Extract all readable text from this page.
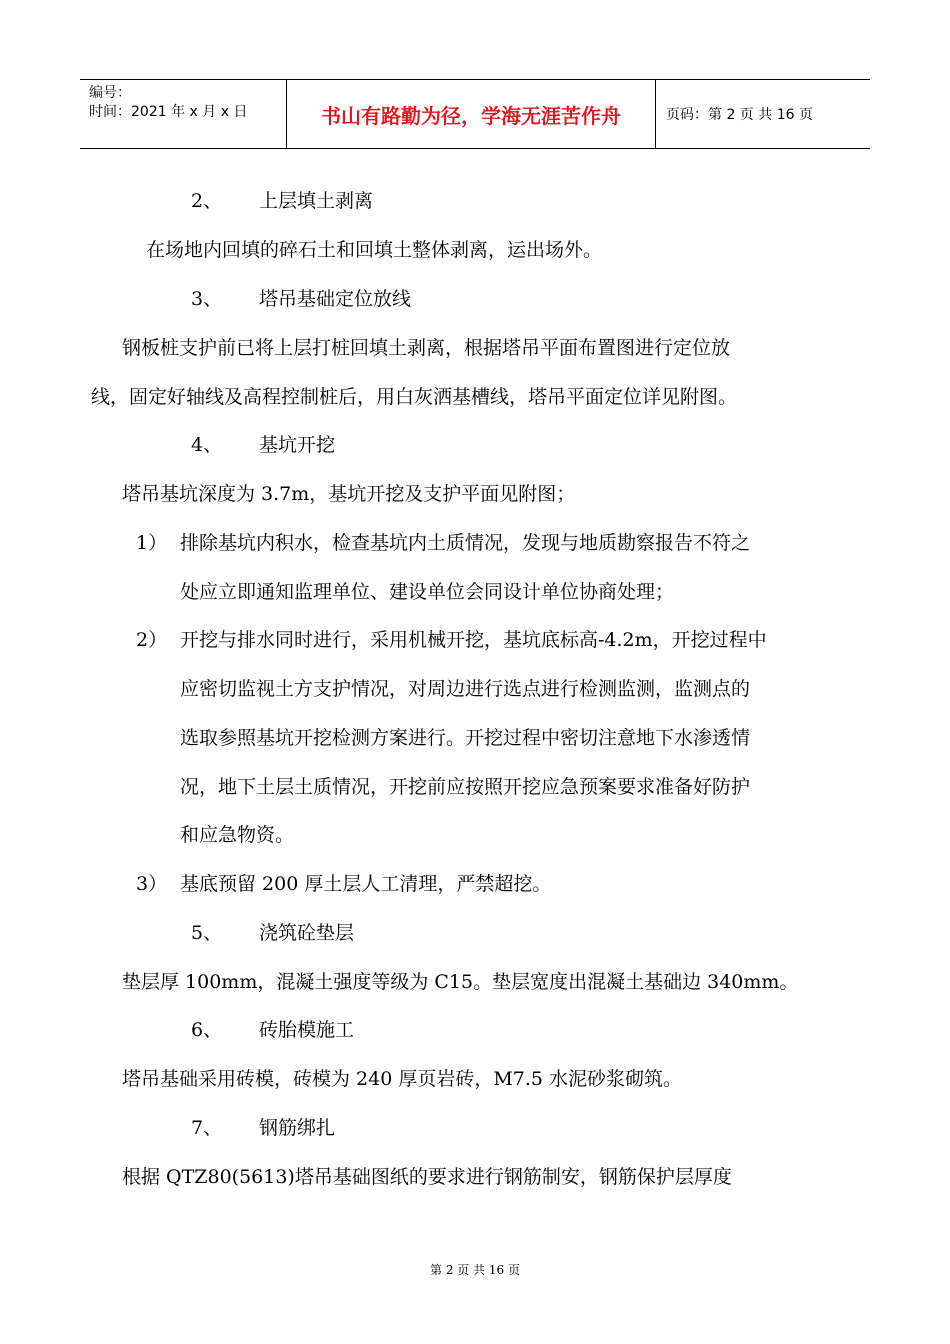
编号：
时间：2021 年 x 月 x 日	书山有路勤为径，学海无涯苦作舟	页码：第 2 页 共 16 页
2、 上层填土剥离
在场地内回填的碎石土和回填土整体剥离，运出场外。
3、 塔吊基础定位放线
钢板桩支护前已将上层打桩回填土剥离，根据塔吊平面布置图进行定位放
线，固定好轴线及高程控制桩后，用白灰洒基槽线，塔吊平面定位详见附图。
4、 基坑开挖
塔吊基坑深度为 3.7m，基坑开挖及支护平面见附图；
1） 排除基坑内积水，检查基坑内土质情况，发现与地质勘察报告不符之
处应立即通知监理单位、建设单位会同设计单位协商处理；
2） 开挖与排水同时进行，采用机械开挖，基坑底标高-4.2m，开挖过程中
应密切监视土方支护情况，对周边进行选点进行检测监测，监测点的
选取参照基坑开挖检测方案进行。开挖过程中密切注意地下水渗透情
况，地下土层土质情况，开挖前应按照开挖应急预案要求准备好防护
和应急物资。
3） 基底预留 200 厚土层人工清理，严禁超挖。
5、 浇筑砼垫层
垫层厚 100mm，混凝土强度等级为 C15。垫层宽度出混凝土基础边 340mm。
6、 砖胎模施工
塔吊基础采用砖模，砖模为 240 厚页岩砖，M7.5 水泥砂浆砌筑。
7、 钢筋绑扎
根据 QTZ80(5613)塔吊基础图纸的要求进行钢筋制安，钢筋保护层厚度
第 2 页 共 16 页
